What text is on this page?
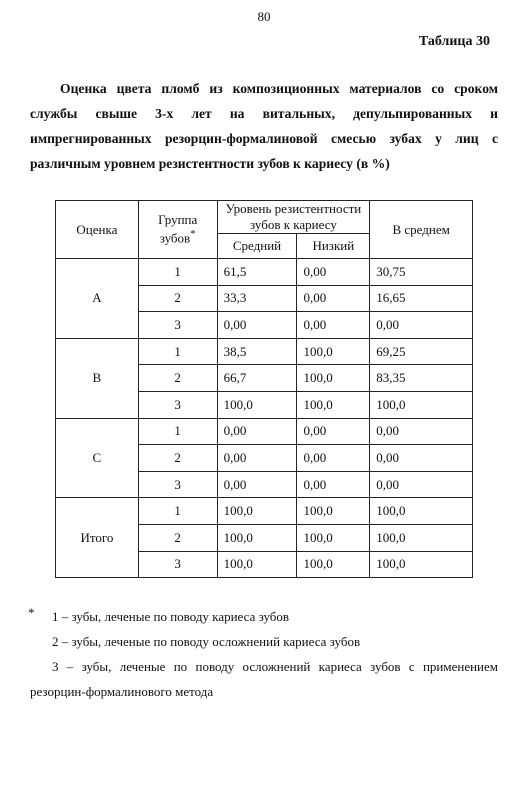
80
Таблица 30
Оценка цвета пломб из композиционных материалов со сроком службы свыше 3-х лет на витальных, депульпированных и импрегнированных резорцин-формалиновой смесью зубах у лиц с различным уровнем резистентности зубов к кариесу (в %)
Оценка	Группа зубов*	Уровень резистентности зубов к кариесу		В среднем
		Средний	Низкий	
A	1	61,5	0,00	30,75
	2	33,3	0,00	16,65
	3	0,00	0,00	0,00
B	1	38,5	100,0	69,25
	2	66,7	100,0	83,35
	3	100,0	100,0	100,0
C	1	0,00	0,00	0,00
	2	0,00	0,00	0,00
	3	0,00	0,00	0,00
Итого	1	100,0	100,0	100,0
	2	100,0	100,0	100,0
	3	100,0	100,0	100,0
*	1 – зубы, леченые по поводу кариеса зубов

2 – зубы, леченые по поводу осложнений кариеса зубов

3 – зубы, леченые по поводу осложнений кариеса зубов с применением резорцин-формалинового метода
